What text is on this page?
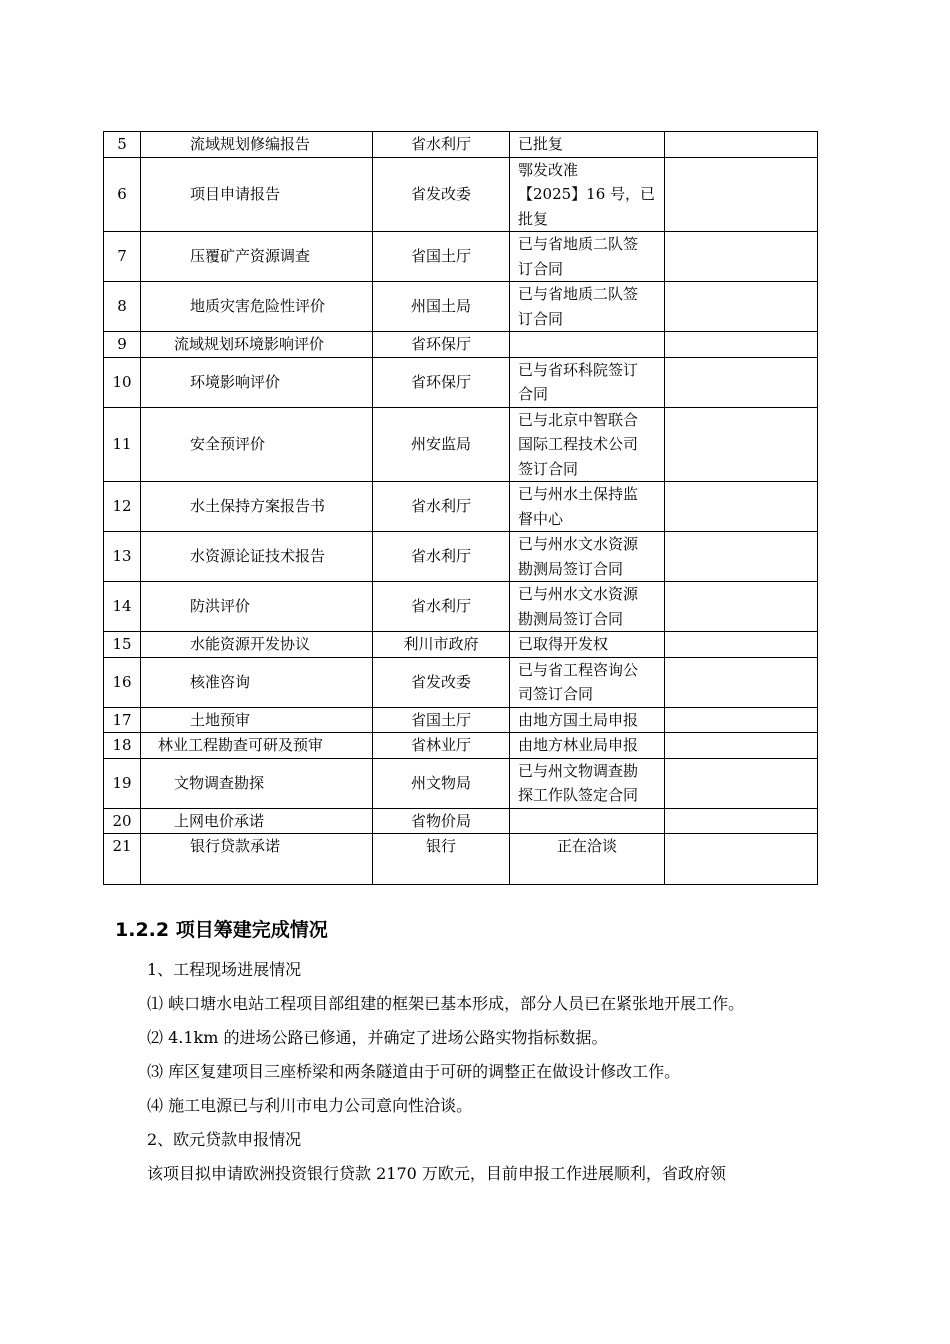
5	流域规划修编报告	省水利厅	已批复	

6	项目申请报告	省发改委	鄂发改准
【2025】16 号，已
批复	

7	压覆矿产资源调查	省国土厅	已与省地质二队签
订合同	

8	地质灾害危险性评价	州国土局	已与省地质二队签
订合同	

9	流域规划环境影响评价	省环保厅	

10	环境影响评价	省环保厅	已与省环科院签订
合同	

11	安全预评价	州安监局	已与北京中智联合
国际工程技术公司
签订合同	

12	水土保持方案报告书	省水利厅	已与州水土保持监
督中心	

13	水资源论证技术报告	省水利厅	已与州水文水资源
勘测局签订合同	

14	防洪评价	省水利厅	已与州水文水资源
勘测局签订合同	

15	水能资源开发协议	利川市政府	已取得开发权	

16	核准咨询	省发改委	已与省工程咨询公
司签订合同	

17	土地预审	省国土厅	由地方国土局申报	

18	林业工程勘查可研及预审	省林业厅	由地方林业局申报	

19	文物调查勘探	州文物局	已与州文物调查勘
探工作队签定合同	

20	上网电价承诺	省物价局	

21	银行贷款承诺	银行	正在洽谈	

1.2.2 项目筹建完成情况

1、工程现场进展情况

⑴ 峡口塘水电站工程项目部组建的框架已基本形成，部分人员已在紧张地开展工作。

⑵ 4.1km 的进场公路已修通，并确定了进场公路实物指标数据。

⑶ 库区复建项目三座桥梁和两条隧道由于可研的调整正在做设计修改工作。

⑷ 施工电源已与利川市电力公司意向性洽谈。

2、欧元贷款申报情况

该项目拟申请欧洲投资银行贷款 2170 万欧元，目前申报工作进展顺利，省政府领
